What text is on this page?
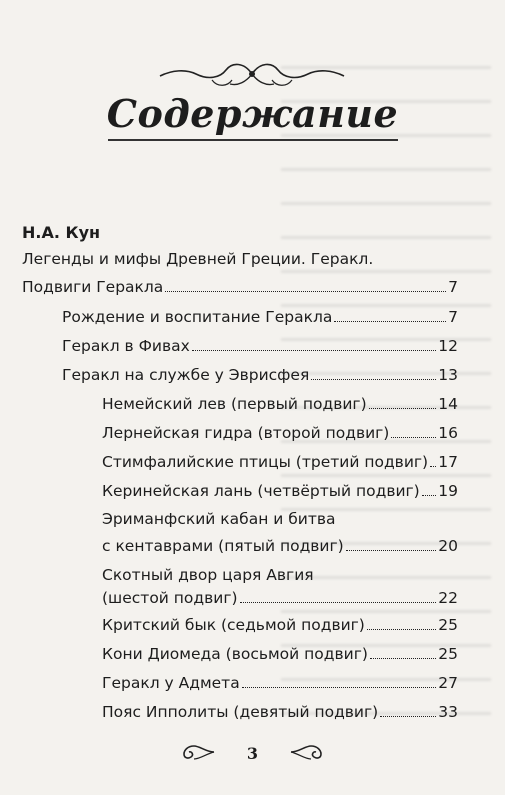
Содержание
Н.А. Кун
Легенды и мифы Древней Греции. Геракл.
Подвиги Геракла	7
Рождение и воспитание Геракла	7
Геракл в Фивах	12
Геракл на службе у Эврисфея	13
Немейский лев (первый подвиг)	14
Лернейская гидра (второй подвиг)	16
Стимфалийские птицы (третий подвиг) 17
Керинейская лань (четвёртый подвиг) 19
Эриманфский кабан и битва
с кентаврами (пятый подвиг)	20
Скотный двор царя Авгия
(шестой подвиг)	22
Критский бык (седьмой подвиг)	25
Кони Диомеда (восьмой подвиг)	25
Геракл у Адмета	27
Пояс Ипполиты (девятый подвиг)	33
3
